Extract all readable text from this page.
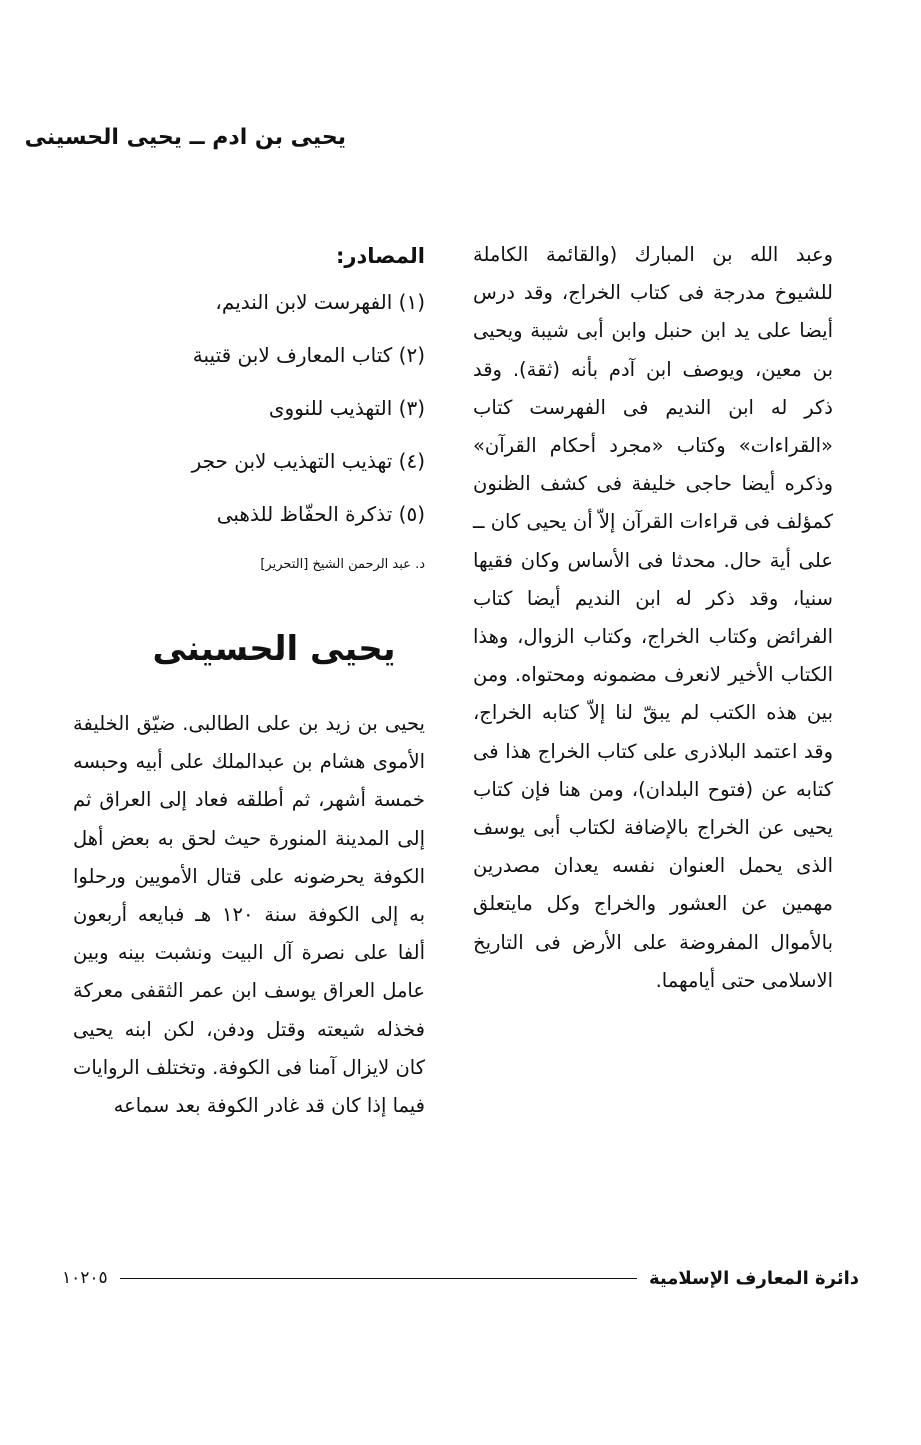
يحيى بن ادم ــ يحيى الحسينى

وعبد الله بن المبارك (والقائمة الكاملة للشيوخ مدرجة فى كتاب الخراج، وقد درس أيضا على يد ابن حنبل وابن أبى شيبة ويحيى بن معين، ويوصف ابن آدم بأنه (ثقة). وقد ذكر له ابن النديم فى الفهرست كتاب «القراءات» وكتاب «مجرد أحكام القرآن» وذكره أيضا حاجى خليفة فى كشف الظنون كمؤلف فى قراءات القرآن إلاّ أن يحيى كان ــ على أية حال. محدثا فى الأساس وكان فقيها سنيا، وقد ذكر له ابن النديم أيضا كتاب الفرائض وكتاب الخراج، وكتاب الزوال، وهذا الكتاب الأخير لانعرف مضمونه ومحتواه. ومن بين هذه الكتب لم يبقّ لنا إلاّ كتابه الخراج، وقد اعتمد البلاذرى على كتاب الخراج هذا فى كتابه عن (فتوح البلدان)، ومن هنا فإن كتاب يحيى عن الخراج بالإضافة لكتاب أبى يوسف الذى يحمل العنوان نفسه يعدان مصدرين مهمين عن العشور والخراج وكل مايتعلق بالأموال المفروضة على الأرض فى التاريخ الاسلامى حتى أيامهما.

المصادر:
(١) الفهرست لابن النديم،
(٢) كتاب المعارف لابن قتيبة
(٣) التهذيب للنووى
(٤) تهذيب التهذيب لابن حجر
(٥) تذكرة الحفّاظ للذهبى
د. عبد الرحمن الشيخ [التحرير]
يحيى الحسينى

يحيى بن زيد بن على الطالبى. ضيّق الخليفة الأموى هشام بن عبدالملك على أبيه وحبسه خمسة أشهر، ثم أطلقه فعاد إلى العراق ثم إلى المدينة المنورة حيث لحق به بعض أهل الكوفة يحرضونه على قتال الأمويين ورحلوا به إلى الكوفة سنة ١٢٠ هـ فبايعه أربعون ألفا على نصرة آل البيت ونشبت بينه وبين عامل العراق يوسف ابن عمر الثقفى معركة فخذله شيعته وقتل ودفن، لكن ابنه يحيى كان لايزال آمنا فى الكوفة. وتختلف الروايات فيما إذا كان قد غادر الكوفة بعد سماعه

دائرة المعارف الإسلامية
١٠٢٠٥
